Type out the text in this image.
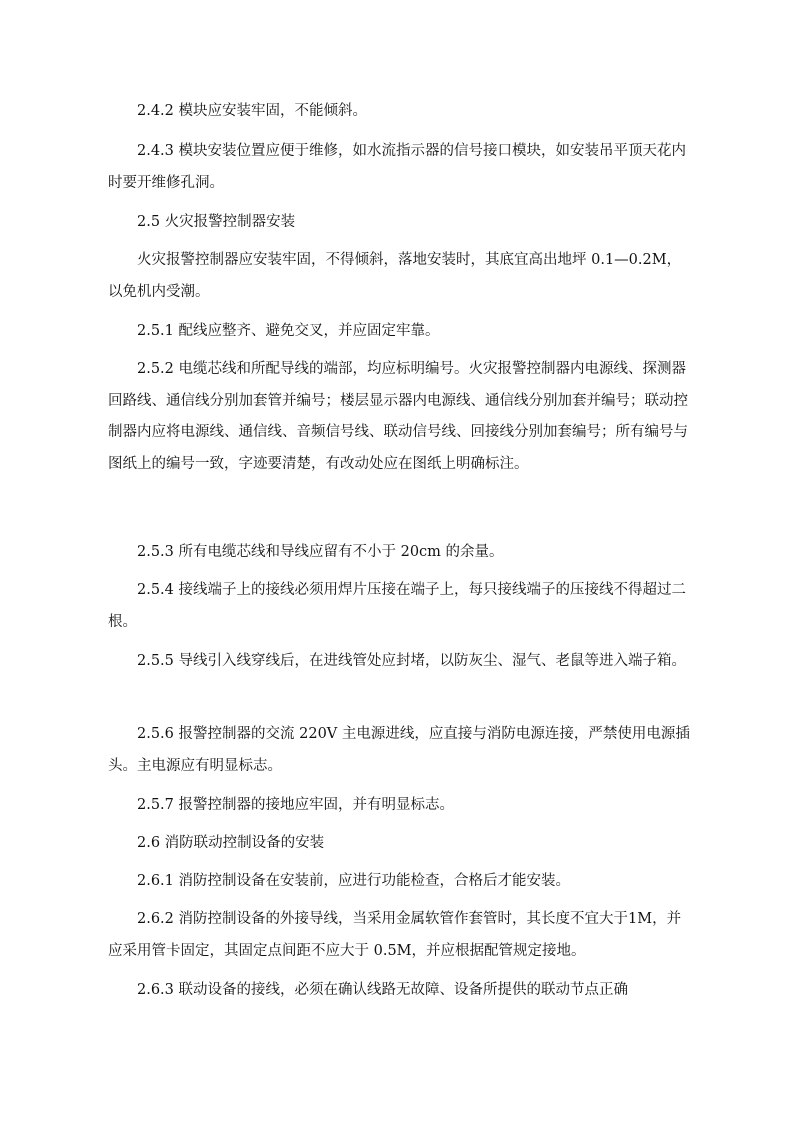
2.4.2 模块应安装牢固，不能倾斜。

2.4.3 模块安装位置应便于维修，如水流指示器的信号接口模块，如安装吊平顶天花内时要开维修孔洞。

2.5 火灾报警控制器安装

火灾报警控制器应安装牢固，不得倾斜，落地安装时，其底宜高出地坪 0.1—0.2M，以免机内受潮。

2.5.1 配线应整齐、避免交叉，并应固定牢靠。

2.5.2 电缆芯线和所配导线的端部，均应标明编号。火灾报警控制器内电源线、探测器回路线、通信线分别加套管并编号；楼层显示器内电源线、通信线分别加套并编号；联动控制器内应将电源线、通信线、音频信号线、联动信号线、回接线分别加套编号；所有编号与图纸上的编号一致，字迹要清楚，有改动处应在图纸上明确标注。

2.5.3 所有电缆芯线和导线应留有不小于 20cm 的余量。

2.5.4 接线端子上的接线必须用焊片压接在端子上，每只接线端子的压接线不得超过二根。

2.5.5 导线引入线穿线后，在进线管处应封堵，以防灰尘、湿气、老鼠等进入端子箱。

2.5.6 报警控制器的交流 220V 主电源进线，应直接与消防电源连接，严禁使用电源插头。主电源应有明显标志。

2.5.7 报警控制器的接地应牢固，并有明显标志。

2.6 消防联动控制设备的安装

2.6.1 消防控制设备在安装前，应进行功能检查，合格后才能安装。

2.6.2 消防控制设备的外接导线，当采用金属软管作套管时，其长度不宜大于1M，并应采用管卡固定，其固定点间距不应大于 0.5M，并应根据配管规定接地。

2.6.3 联动设备的接线，必须在确认线路无故障、设备所提供的联动节点正确
